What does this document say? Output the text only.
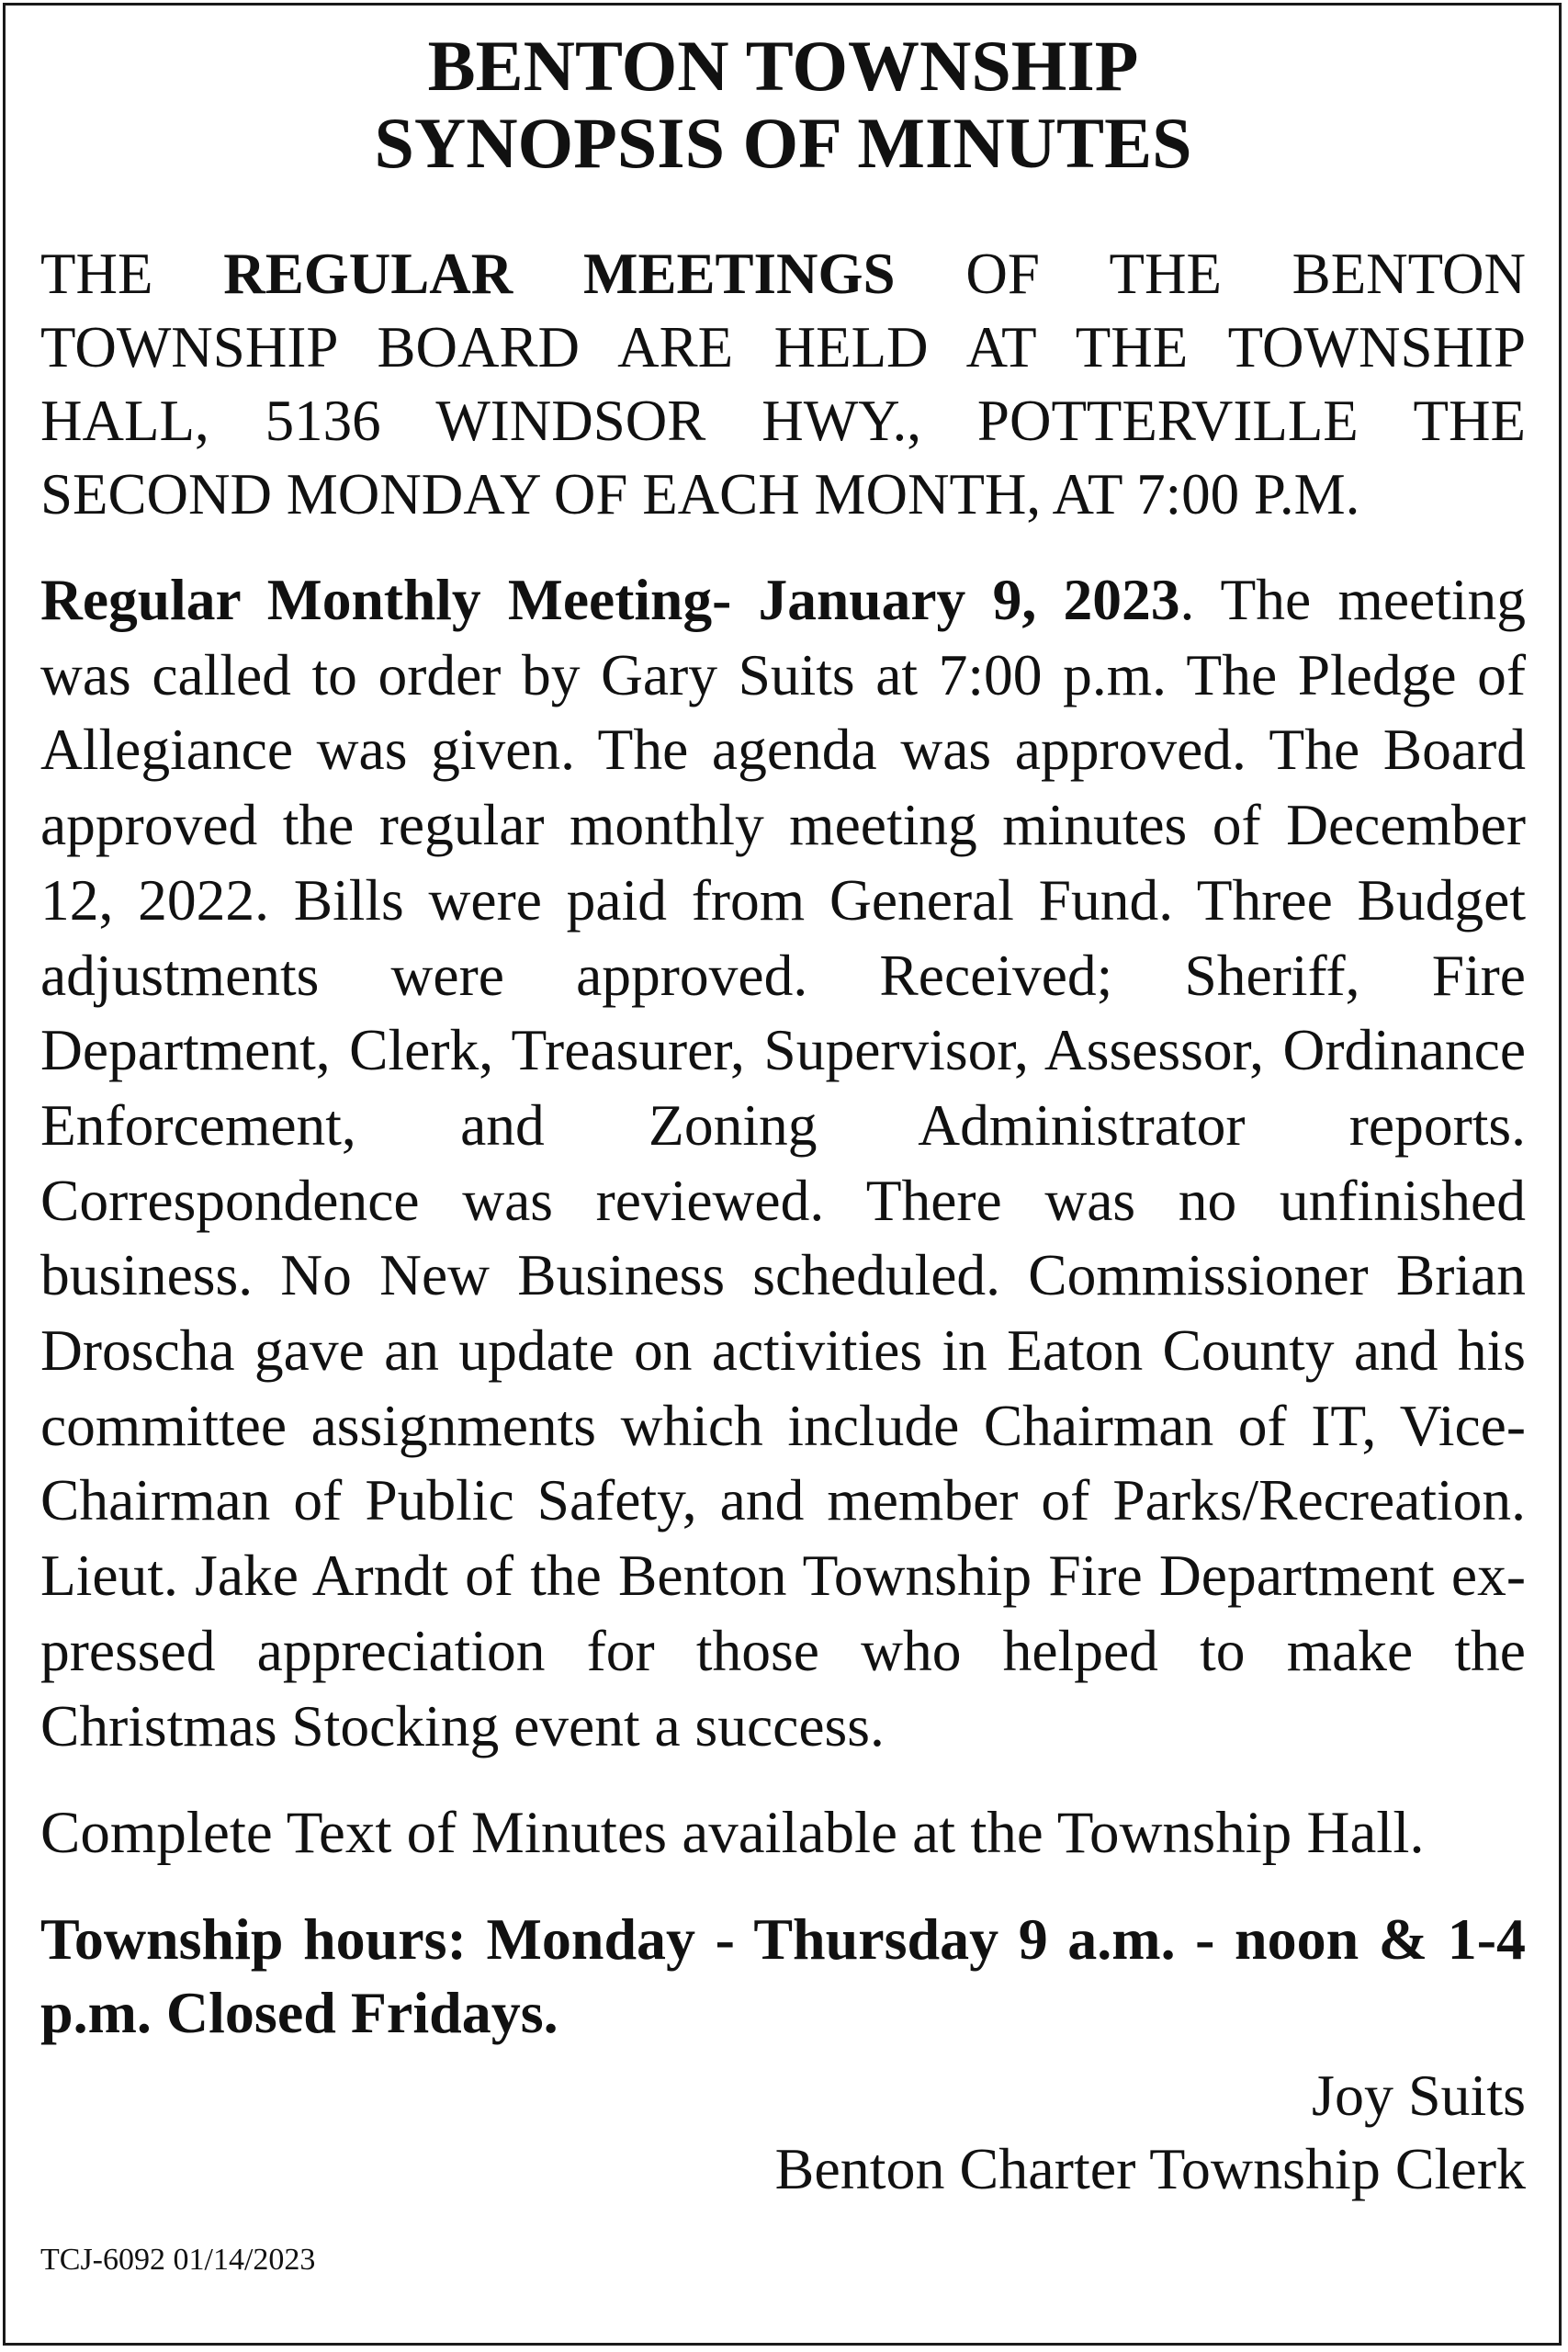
BENTON TOWNSHIP
SYNOPSIS OF MINUTES

THE REGULAR MEETINGS OF THE BENTON TOWNSHIP BOARD ARE HELD AT THE TOWNSHIP HALL, 5136 WINDSOR HWY., POTTERVILLE THE SECOND MONDAY OF EACH MONTH, AT 7:00 P.M.

Regular Monthly Meeting- January 9, 2023. The meeting was called to order by Gary Suits at 7:00 p.m. The Pledge of Allegiance was given. The agenda was approved. The Board approved the regular monthly meeting minutes of December 12, 2022. Bills were paid from General Fund. Three Budget adjustments were approved. Received; Sheriff, Fire Department, Clerk, Treasurer, Supervisor, Assessor, Ordinance Enforcement, and Zoning Administrator reports. Correspondence was reviewed. There was no unfinished business. No New Business scheduled. Commissioner Brian Droscha gave an update on activities in Eaton County and his committee assignments which include Chairman of IT, Vice-Chairman of Public Safety, and member of Parks/Recreation. Lieut. Jake Arndt of the Benton Township Fire Department expressed appreciation for those who helped to make the Christmas Stocking event a success.

Complete Text of Minutes available at the Township Hall.

Township hours: Monday - Thursday 9 a.m. - noon & 1-4 p.m. Closed Fridays.

Joy Suits

Benton Charter Township Clerk

TCJ-6092 01/14/2023
